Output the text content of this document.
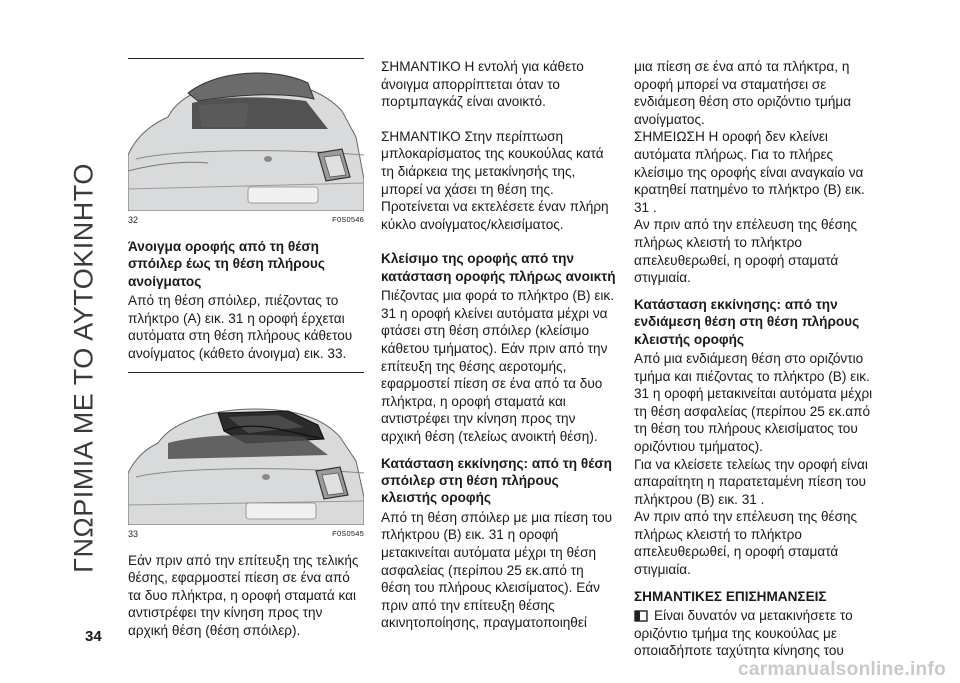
ΓΝΩΡΙΜΙΑ ΜΕ ΤΟ ΑΥΤΟΚΙΝΗΤΟ
34
32	F0S0546

Άνοιγμα οροφής από τη θέση σπόιλερ έως τη θέση πλήρους ανοίγματος

Από τη θέση σπόιλερ, πιέζοντας το πλήκτρο (A) εικ. 31 η οροφή έρχεται αυτόματα στη θέση πλήρους κάθετου ανοίγματος (κάθετο άνοιγμα) εικ. 33.

33	F0S0545

Εάν πριν από την επίτευξη της τελικής θέσης, εφαρμοστεί πίεση σε ένα από τα δυο πλήκτρα, η οροφή σταματά και αντιστρέφει την κίνηση προς την αρχική θέση (θέση σπόιλερ).

ΣΗΜΑΝΤΙΚΟ Η εντολή για κάθετο άνοιγμα απορρίπτεται όταν το πορτμπαγκάζ είναι ανοικτό.

ΣΗΜΑΝΤΙΚΟ Στην περίπτωση μπλοκαρίσματος της κουκούλας κατά τη διάρκεια της μετακίνησής της, μπορεί να χάσει τη θέση της. Προτείνεται να εκτελέσετε έναν πλήρη κύκλο ανοίγματος/κλεισίματος.

Κλείσιμο της οροφής από την κατάσταση οροφής πλήρως ανοικτή

Πιέζοντας μια φορά το πλήκτρο (B) εικ. 31 η οροφή κλείνει αυτόματα μέχρι να φτάσει στη θέση σπόιλερ (κλείσιμο κάθετου τμήματος). Εάν πριν από την επίτευξη της θέσης αεροτομής, εφαρμοστεί πίεση σε ένα από τα δυο πλήκτρα, η οροφή σταματά και αντιστρέφει την κίνηση προς την αρχική θέση (τελείως ανοικτή θέση).

Κατάσταση εκκίνησης: από τη θέση σπόιλερ στη θέση πλήρους κλειστής οροφής

Από τη θέση σπόιλερ με μια πίεση του πλήκτρου (B) εικ. 31 η οροφή μετακινείται αυτόματα μέχρι τη θέση ασφαλείας (περίπου 25 εκ.από τη θέση του πλήρους κλεισίματος). Εάν πριν από την επίτευξη θέσης ακινητοποίησης, πραγματοποιηθεί

μια πίεση σε ένα από τα πλήκτρα, η οροφή μπορεί να σταματήσει σε ενδιάμεση θέση στο οριζόντιο τμήμα ανοίγματος.

ΣΗΜΕΙΩΣΗ Η οροφή δεν κλείνει αυτόματα πλήρως. Για το πλήρες κλείσιμο της οροφής είναι αναγκαίο να κρατηθεί πατημένο το πλήκτρο (B) εικ. 31 .

Αν πριν από την επέλευση της θέσης πλήρως κλειστή το πλήκτρο απελευθερωθεί, η οροφή σταματά στιγμιαία.

Κατάσταση εκκίνησης: από την ενδιάμεση θέση στη θέση πλήρους κλειστής οροφής

Από μια ενδιάμεση θέση στο οριζόντιο τμήμα και πιέζοντας το πλήκτρο (B) εικ. 31 η οροφή μετακινείται αυτόματα μέχρι τη θέση ασφαλείας (περίπου 25 εκ.από τη θέση του πλήρους κλεισίματος του οριζόντιου τμήματος).

Για να κλείσετε τελείως την οροφή είναι απαραίτητη η παρατεταμένη πίεση του πλήκτρου (B) εικ. 31 .

Αν πριν από την επέλευση της θέσης πλήρως κλειστή το πλήκτρο απελευθερωθεί, η οροφή σταματά στιγμιαία.

ΣΗΜΑΝΤΙΚΕΣ ΕΠΙΣΗΜΑΝΣΕΙΣ

Είναι δυνατόν να μετακινήσετε το οριζόντιο τμήμα της κουκούλας με οποιαδήποτε ταχύτητα κίνησης του

carmanualsonline.info
